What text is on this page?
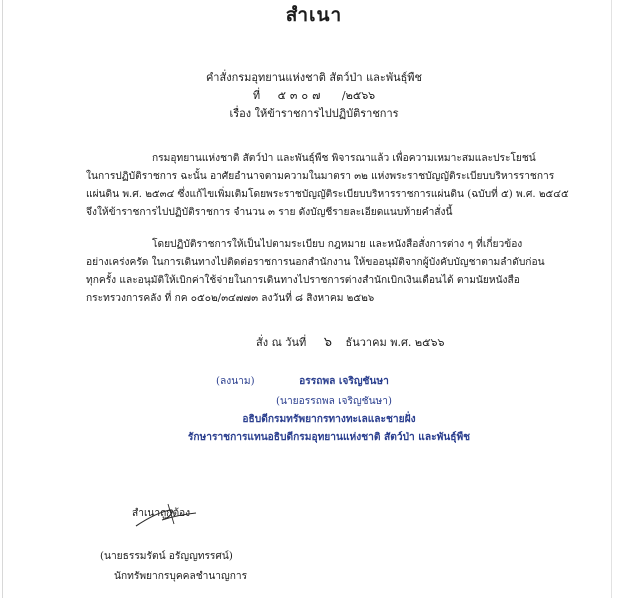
สำเนา
คำสั่งกรมอุทยานแห่งชาติ สัตว์ป่า และพันธุ์พืช
ที่ ๕๓๐๗ /๒๕๖๖
เรื่อง ให้ข้าราชการไปปฏิบัติราชการ

กรมอุทยานแห่งชาติ สัตว์ป่า และพันธุ์พืช พิจารณาแล้ว เพื่อความเหมาะสมและประโยชน์

ในการปฏิบัติราชการ ฉะนั้น อาศัยอำนาจตามความในมาตรา ๓๒ แห่งพระราชบัญญัติระเบียบบริหารราชการ

แผ่นดิน พ.ศ. ๒๕๓๔ ซึ่งแก้ไขเพิ่มเติมโดยพระราชบัญญัติระเบียบบริหารราชการแผ่นดิน (ฉบับที่ ๕) พ.ศ. ๒๕๔๕

จึงให้ข้าราชการไปปฏิบัติราชการ จำนวน ๓ ราย ดังบัญชีรายละเอียดแนบท้ายคำสั่งนี้

โดยปฏิบัติราชการให้เป็นไปตามระเบียบ กฎหมาย และหนังสือสั่งการต่าง ๆ ที่เกี่ยวข้อง

อย่างเคร่งครัด ในการเดินทางไปติดต่อราชการนอกสำนักงาน ให้ขออนุมัติจากผู้บังคับบัญชาตามลำดับก่อน

ทุกครั้ง และอนุมัติให้เบิกค่าใช้จ่ายในการเดินทางไปราชการต่างสำนักเบิกเงินเดือนได้ ตามนัยหนังสือ

กระทรวงการคลัง ที่ กค ๐๕๐๒/๓๔๗๗๓ ลงวันที่ ๘ สิงหาคม ๒๕๒๖

สั่ง ณ วันที่ ๖ ธันวาคม พ.ศ. ๒๕๖๖
(ลงนาม)	อรรถพล เจริญชันษา
(นายอรรถพล เจริญชันษา)
อธิบดีกรมทรัพยากรทางทะเลและชายฝั่ง
รักษาราชการแทนอธิบดีกรมอุทยานแห่งชาติ สัตว์ป่า และพันธุ์พืช
สำเนาถูกต้อง
(นายธรรมรัตน์ อรัญญทรรศน์)
นักทรัพยากรบุคคลชำนาญการ
